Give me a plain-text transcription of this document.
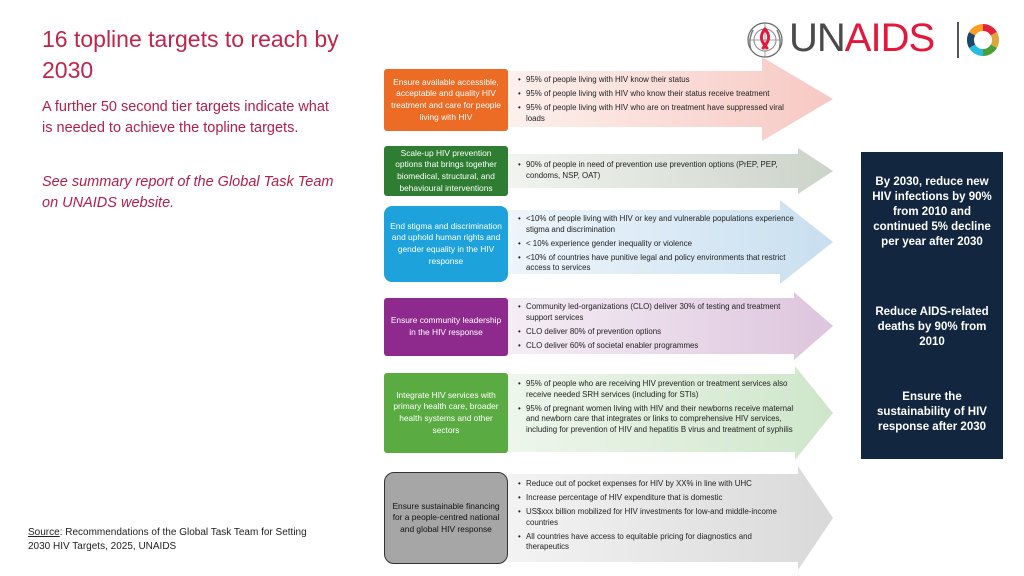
16 topline targets to reach by 2030

A further 50 second tier targets indicate what is needed to achieve the topline targets.

See summary report of the Global Task Team on UNAIDS website.

UNAIDS
Ensure available accessible, acceptable and quality HIV treatment and care for people living with HIV
• 95% of people living with HIV know their status
• 95% of people living with HIV who know their status receive treatment
• 95% of people living with HIV who are on treatment have suppressed viral loads
Scale-up HIV prevention options that brings together biomedical, structural, and behavioural interventions
• 90% of people in need of prevention use prevention options (PrEP, PEP, condoms, NSP, OAT)
End stigma and discrimination and uphold human rights and gender equality in the HIV response
• <10% of people living with HIV or key and vulnerable populations experience stigma and discrimination
• < 10% experience gender inequality or violence
• <10% of countries have punitive legal and policy environments that restrict access to services
Ensure community leadership in the HIV response
• Community led-organizations (CLO) deliver 30% of testing and treatment support services
• CLO deliver 80% of prevention options
• CLO deliver 60% of societal enabler programmes
Integrate HIV services with primary health care, broader health systems and other sectors
• 95% of people who are receiving HIV prevention or treatment services also receive needed SRH services (including for STIs)
• 95% of pregnant women living with HIV and their newborns receive maternal and newborn care that integrates or links to comprehensive HIV services, including for prevention of HIV and hepatitis B virus and treatment of syphilis
Ensure sustainable financing for a people-centred national and global HIV response
• Reduce out of pocket expenses for HIV by XX% in line with UHC
• Increase percentage of HIV expenditure that is domestic
• US$xxx billion mobilized for HIV investments for low-and middle-income countries
• All countries have access to equitable pricing for diagnostics and therapeutics
By 2030, reduce new HIV infections by 90% from 2010 and continued 5% decline per year after 2030
Reduce AIDS-related deaths by 90% from 2010
Ensure the sustainability of HIV response after 2030

Source: Recommendations of the Global Task Team for Setting 2030 HIV Targets, 2025, UNAIDS
